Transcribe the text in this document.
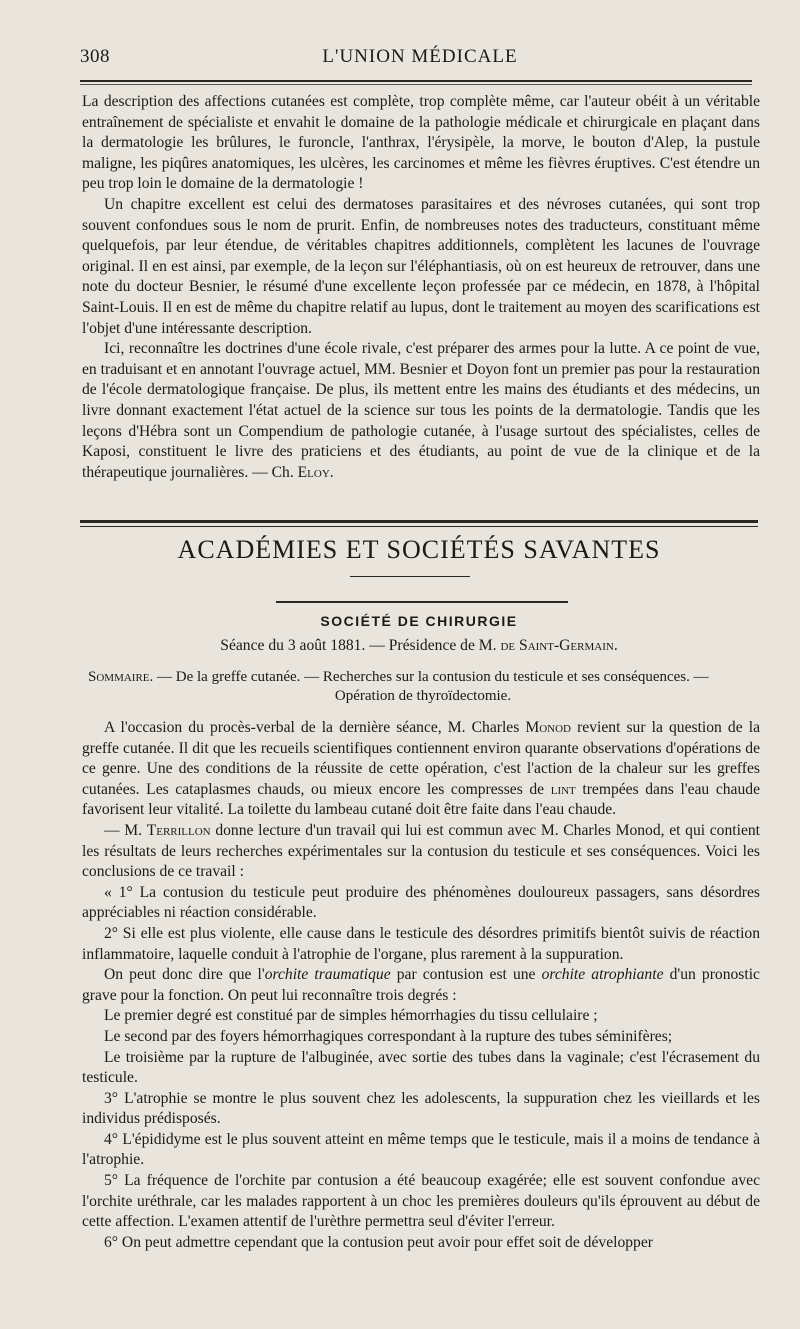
308	L'UNION MÉDICALE

La description des affections cutanées est complète, trop complète même, car l'auteur obéit à un véritable entraînement de spécialiste et envahit le domaine de la pathologie médicale et chirurgicale en plaçant dans la dermatologie les brûlures, le furoncle, l'anthrax, l'érysipèle, la morve, le bouton d'Alep, la pustule maligne, les piqûres anatomiques, les ulcères, les carcinomes et même les fièvres éruptives. C'est étendre un peu trop loin le domaine de la dermatologie !

Un chapitre excellent est celui des dermatoses parasitaires et des névroses cutanées, qui sont trop souvent confondues sous le nom de prurit. Enfin, de nombreuses notes des traducteurs, constituant même quelquefois, par leur étendue, de véritables chapitres additionnels, complètent les lacunes de l'ouvrage original. Il en est ainsi, par exemple, de la leçon sur l'éléphantiasis, où on est heureux de retrouver, dans une note du docteur Besnier, le résumé d'une excellente leçon professée par ce médecin, en 1878, à l'hôpital Saint-Louis. Il en est de même du chapitre relatif au lupus, dont le traitement au moyen des scarifications est l'objet d'une intéressante description.

Ici, reconnaître les doctrines d'une école rivale, c'est préparer des armes pour la lutte. A ce point de vue, en traduisant et en annotant l'ouvrage actuel, MM. Besnier et Doyon font un premier pas pour la restauration de l'école dermatologique française. De plus, ils mettent entre les mains des étudiants et des médecins, un livre donnant exactement l'état actuel de la science sur tous les points de la dermatologie. Tandis que les leçons d'Hébra sont un Compendium de pathologie cutanée, à l'usage surtout des spécialistes, celles de Kaposi, constituent le livre des praticiens et des étudiants, au point de vue de la clinique et de la thérapeutique journalières. — Ch. Eloy.

ACADÉMIES ET SOCIÉTÉS SAVANTES
SOCIÉTÉ DE CHIRURGIE
Séance du 3 août 1881. — Présidence de M. de Saint-Germain.
Sommaire. — De la greffe cutanée. — Recherches sur la contusion du testicule et ses conséquences. —
Opération de thyroïdectomie.

A l'occasion du procès-verbal de la dernière séance, M. Charles Monod revient sur la question de la greffe cutanée. Il dit que les recueils scientifiques contiennent environ quarante observations d'opérations de ce genre. Une des conditions de la réussite de cette opération, c'est l'action de la chaleur sur les greffes cutanées. Les cataplasmes chauds, ou mieux encore les compresses de lint trempées dans l'eau chaude favorisent leur vitalité. La toilette du lambeau cutané doit être faite dans l'eau chaude.

— M. Terrillon donne lecture d'un travail qui lui est commun avec M. Charles Monod, et qui contient les résultats de leurs recherches expérimentales sur la contusion du testicule et ses conséquences. Voici les conclusions de ce travail :

« 1° La contusion du testicule peut produire des phénomènes douloureux passagers, sans désordres appréciables ni réaction considérable.

2° Si elle est plus violente, elle cause dans le testicule des désordres primitifs bientôt suivis de réaction inflammatoire, laquelle conduit à l'atrophie de l'organe, plus rarement à la suppuration.

On peut donc dire que l'orchite traumatique par contusion est une orchite atrophiante d'un pronostic grave pour la fonction. On peut lui reconnaître trois degrés :

Le premier degré est constitué par de simples hémorrhagies du tissu cellulaire ;

Le second par des foyers hémorrhagiques correspondant à la rupture des tubes séminifères;

Le troisième par la rupture de l'albuginée, avec sortie des tubes dans la vaginale; c'est l'écrasement du testicule.

3° L'atrophie se montre le plus souvent chez les adolescents, la suppuration chez les vieillards et les individus prédisposés.

4° L'épididyme est le plus souvent atteint en même temps que le testicule, mais il a moins de tendance à l'atrophie.

5° La fréquence de l'orchite par contusion a été beaucoup exagérée; elle est souvent confondue avec l'orchite uréthrale, car les malades rapportent à un choc les premières douleurs qu'ils éprouvent au début de cette affection. L'examen attentif de l'urèthre permettra seul d'éviter l'erreur.

6° On peut admettre cependant que la contusion peut avoir pour effet soit de développer
